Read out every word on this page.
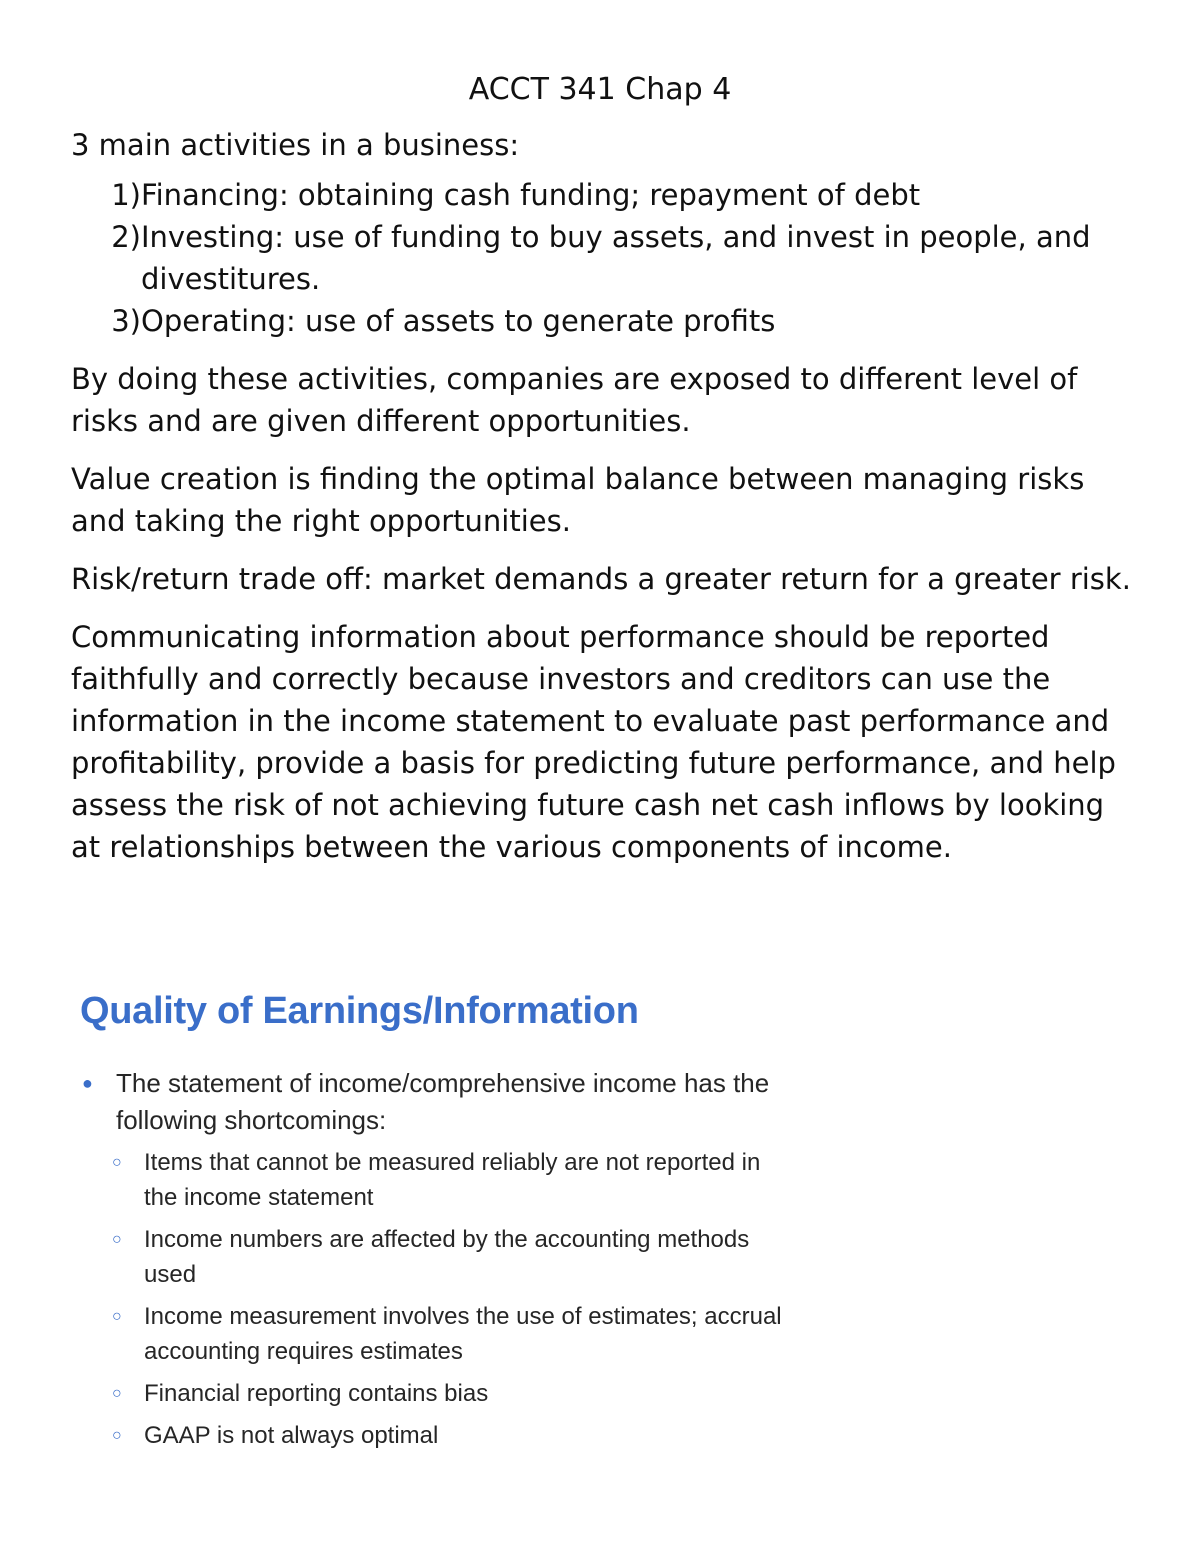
ACCT 341 Chap 4
3 main activities in a business:
1) Financing: obtaining cash funding; repayment of debt
2) Investing: use of funding to buy assets, and invest in people, and divestitures.
3) Operating: use of assets to generate profits

By doing these activities, companies are exposed to different level of risks and are given different opportunities.

Value creation is finding the optimal balance between managing risks and taking the right opportunities.

Risk/return trade off: market demands a greater return for a greater risk.

Communicating information about performance should be reported faithfully and correctly because investors and creditors can use the information in the income statement to evaluate past performance and profitability, provide a basis for predicting future performance, and help assess the risk of not achieving future cash net cash inflows by looking at relationships between the various components of income.

Quality of Earnings/Information
● The statement of income/comprehensive income has the following shortcomings:
○ Items that cannot be measured reliably are not reported in the income statement
○ Income numbers are affected by the accounting methods used
○ Income measurement involves the use of estimates; accrual accounting requires estimates
○ Financial reporting contains bias
○ GAAP is not always optimal
